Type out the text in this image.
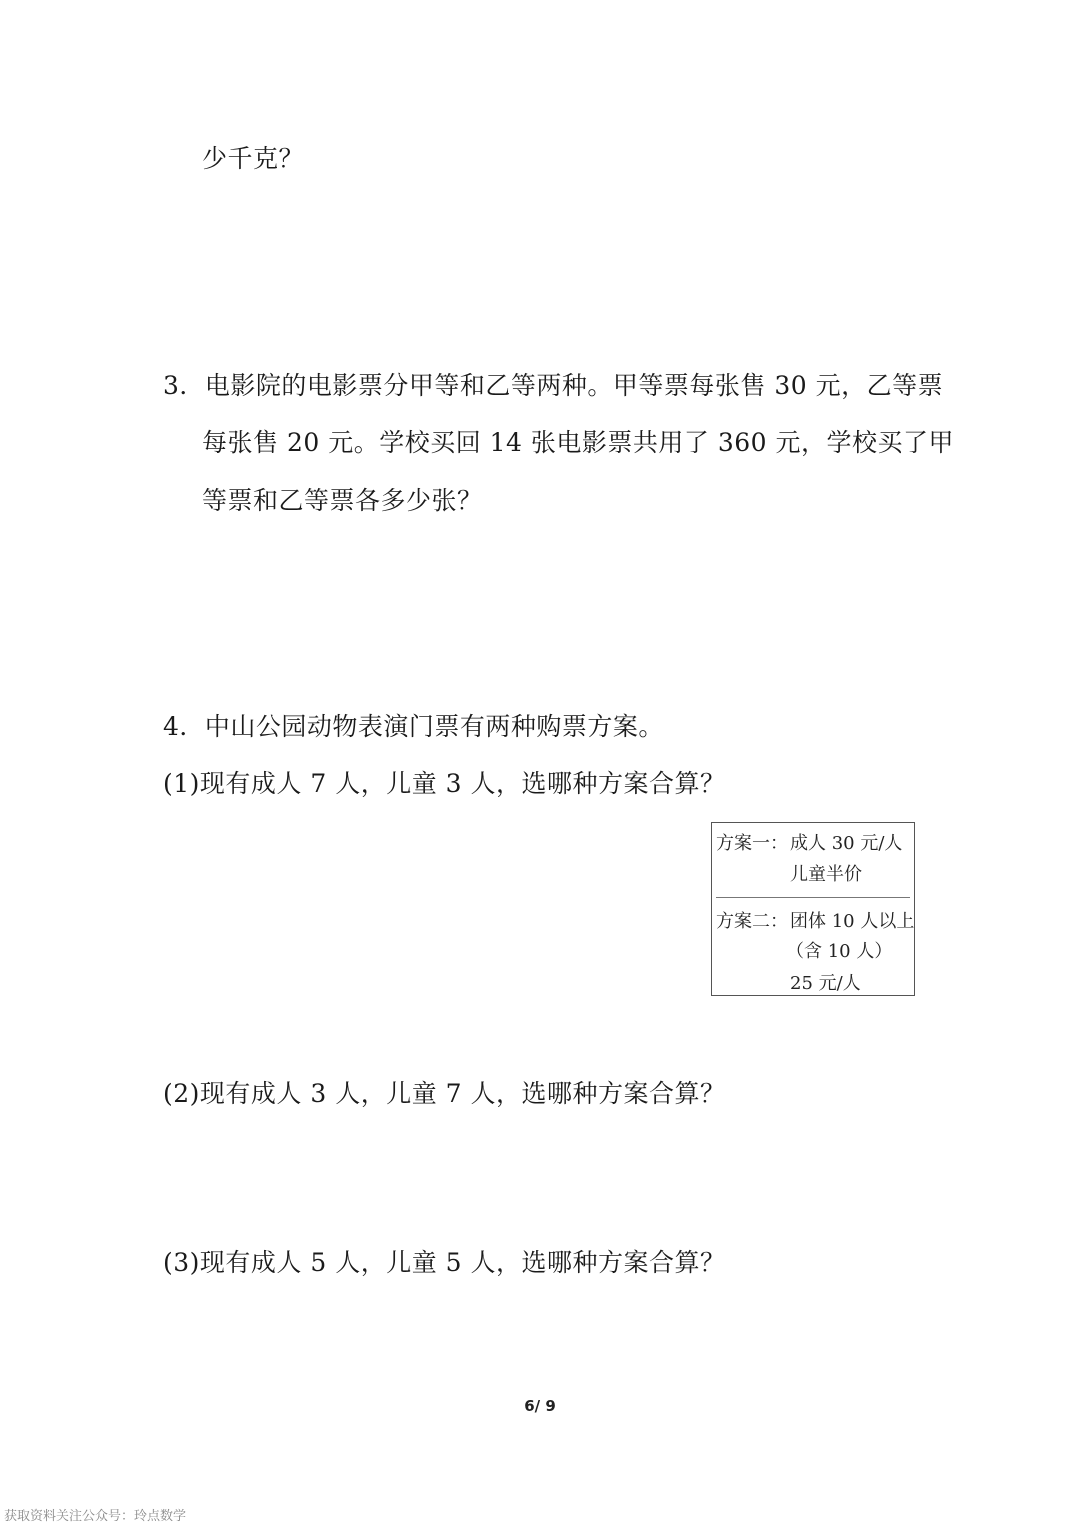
少千克？
3．电影院的电影票分甲等和乙等两种。甲等票每张售 30 元，乙等票
每张售 20 元。学校买回 14 张电影票共用了 360 元，学校买了甲
等票和乙等票各多少张？
4．中山公园动物表演门票有两种购票方案。
(1)现有成人 7 人，儿童 3 人，选哪种方案合算？
方案一： 成人 30 元/人
儿童半价
方案二： 团体 10 人以上
（含 10 人）
25 元/人
(2)现有成人 3 人，儿童 7 人，选哪种方案合算？
(3)现有成人 5 人，儿童 5 人，选哪种方案合算？
6/ 9
获取资料关注公众号：玲点数学
